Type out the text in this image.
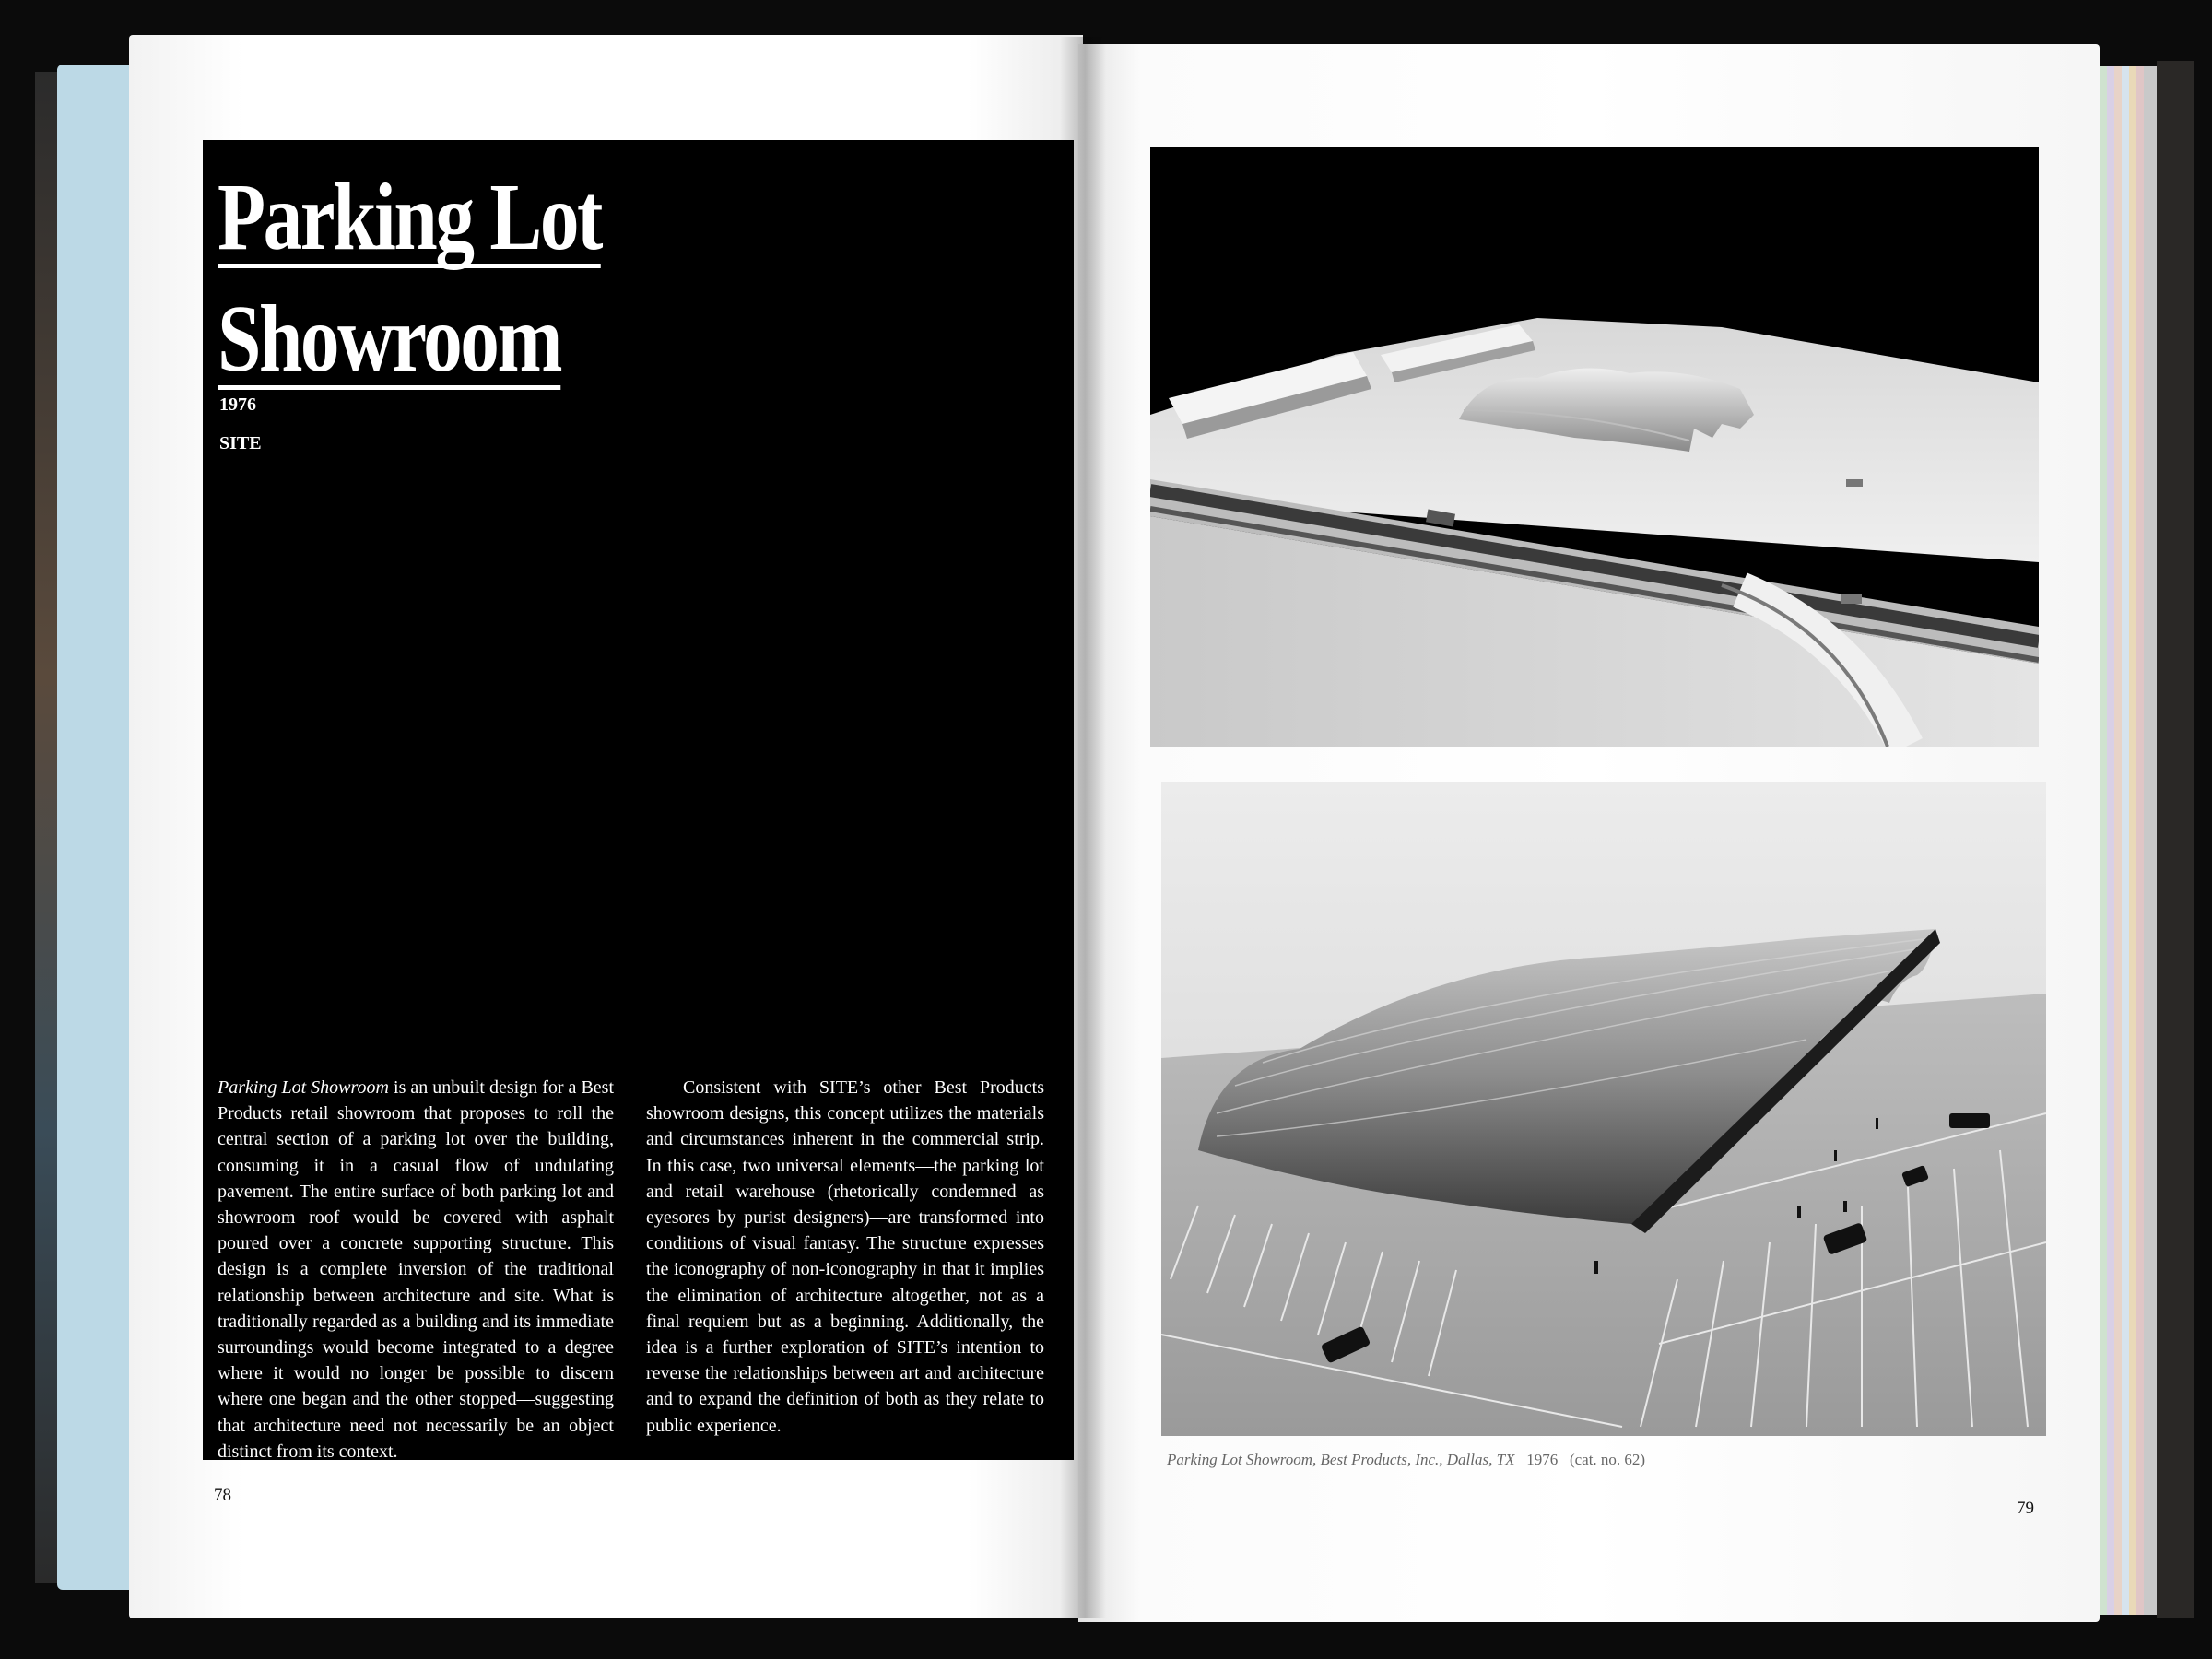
Parking Lot
Showroom
1976
SITE

Parking Lot Showroom is an unbuilt design for a Best Products retail showroom that proposes to roll the central section of a parking lot over the building, consuming it in a casual flow of undulating pavement. The entire surface of both parking lot and showroom roof would be covered with asphalt poured over a concrete supporting structure. This design is a complete inversion of the traditional relationship between architecture and site. What is traditionally regarded as a building and its immediate surroundings would become integrated to a degree where it would no longer be possible to discern where one began and the other stopped—suggesting that architecture need not necessarily be an object distinct from its context.

Consistent with SITE’s other Best Products showroom designs, this concept utilizes the materials and circumstances inherent in the commercial strip. In this case, two universal elements—the parking lot and retail warehouse (rhetorically condemned as eyesores by purist designers)—are transformed into conditions of visual fantasy. The structure expresses the iconography of non-iconography in that it implies the elimination of architecture altogether, not as a final requiem but as a beginning. Additionally, the idea is a further exploration of SITE’s intention to reverse the relationships between art and architecture and to expand the definition of both as they relate to public experience.

78
Parking Lot Showroom, Best Products, Inc., Dallas, TX 1976 (cat. no. 62)
79
